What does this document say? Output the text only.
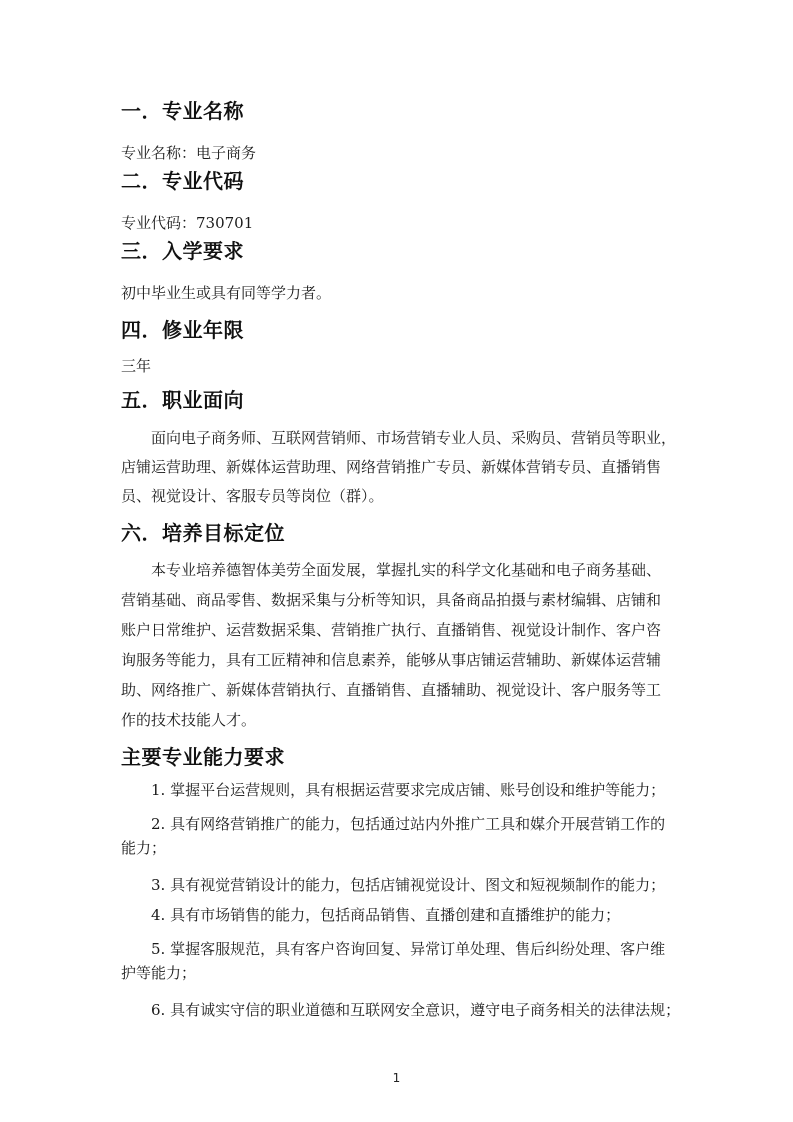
一．专业名称
专业名称：电子商务
二．专业代码
专业代码：730701
三．入学要求
初中毕业生或具有同等学力者。
四．修业年限
三年
五．职业面向
面向电子商务师、互联网营销师、市场营销专业人员、采购员、营销员等职业，
店铺运营助理、新媒体运营助理、网络营销推广专员、新媒体营销专员、直播销售
员、视觉设计、客服专员等岗位（群）。
六．培养目标定位
本专业培养德智体美劳全面发展，掌握扎实的科学文化基础和电子商务基础、
营销基础、商品零售、数据采集与分析等知识，具备商品拍摄与素材编辑、店铺和
账户日常维护、运营数据采集、营销推广执行、直播销售、视觉设计制作、客户咨
询服务等能力，具有工匠精神和信息素养，能够从事店铺运营辅助、新媒体运营辅
助、网络推广、新媒体营销执行、直播销售、直播辅助、视觉设计、客户服务等工
作的技术技能人才。
主要专业能力要求
1. 掌握平台运营规则，具有根据运营要求完成店铺、账号创设和维护等能力；
2. 具有网络营销推广的能力，包括通过站内外推广工具和媒介开展营销工作的
能力；
3. 具有视觉营销设计的能力，包括店铺视觉设计、图文和短视频制作的能力；
4. 具有市场销售的能力，包括商品销售、直播创建和直播维护的能力；
5. 掌握客服规范，具有客户咨询回复、异常订单处理、售后纠纷处理、客户维
护等能力；
6. 具有诚实守信的职业道德和互联网安全意识，遵守电子商务相关的法律法规；
1
